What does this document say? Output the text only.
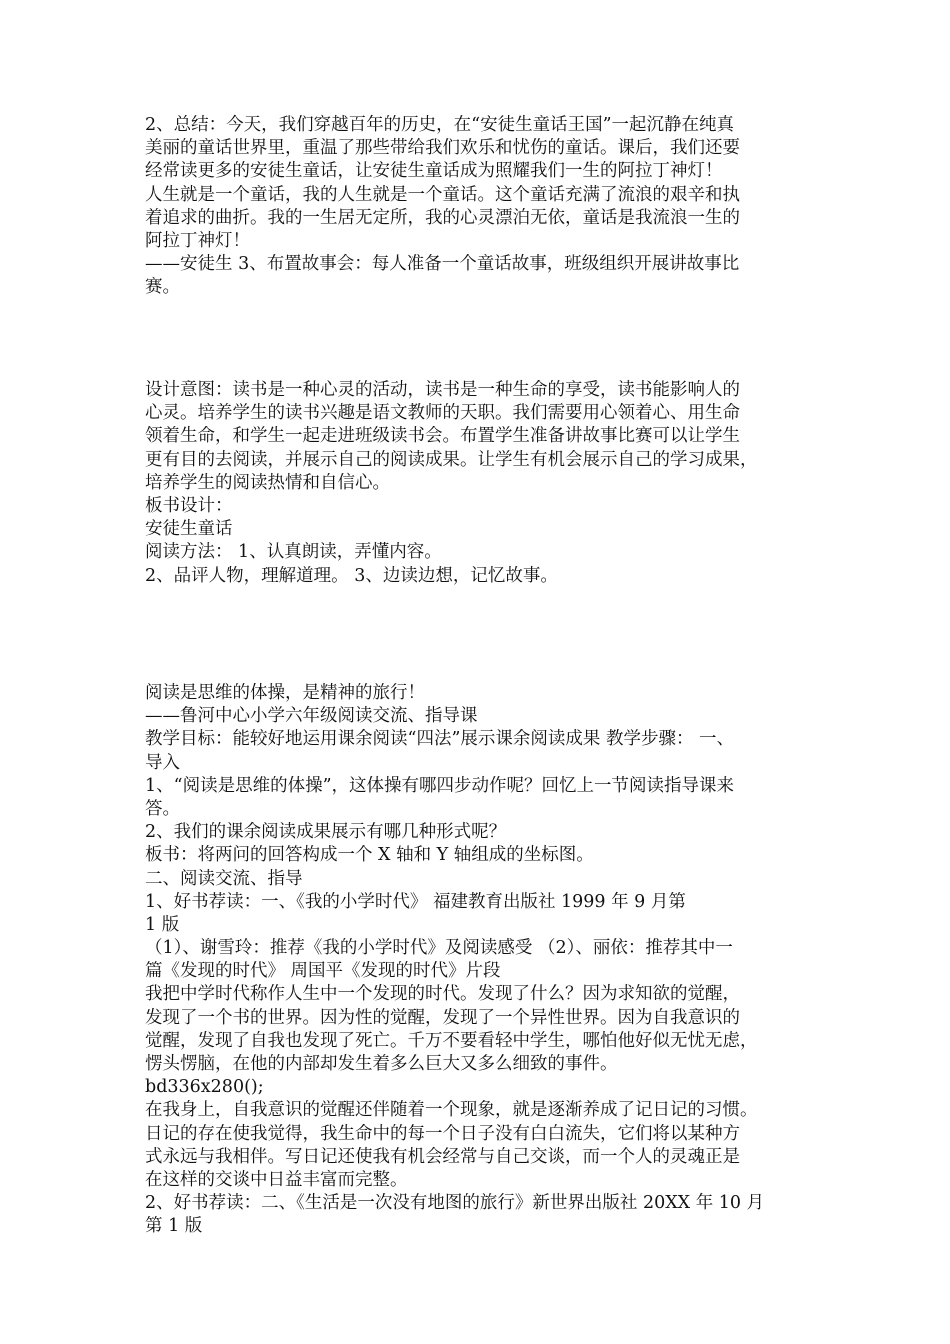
2、总结：今天，我们穿越百年的历史，在“安徒生童话王国”一起沉静在纯真
美丽的童话世界里，重温了那些带给我们欢乐和忧伤的童话。课后，我们还要
经常读更多的安徒生童话，让安徒生童话成为照耀我们一生的阿拉丁神灯！
人生就是一个童话，我的人生就是一个童话。这个童话充满了流浪的艰辛和执
着追求的曲折。我的一生居无定所，我的心灵漂泊无依，童话是我流浪一生的
阿拉丁神灯！
——安徒生 3、布置故事会：每人准备一个童话故事，班级组织开展讲故事比
赛。
设计意图：读书是一种心灵的活动，读书是一种生命的享受，读书能影响人的
心灵。培养学生的读书兴趣是语文教师的天职。我们需要用心领着心、用生命
领着生命，和学生一起走进班级读书会。布置学生准备讲故事比赛可以让学生
更有目的去阅读，并展示自己的阅读成果。让学生有机会展示自己的学习成果，
培养学生的阅读热情和自信心。
板书设计：
安徒生童话
阅读方法： 1、认真朗读，弄懂内容。
2、品评人物，理解道理。 3、边读边想，记忆故事。
阅读是思维的体操，是精神的旅行！
——鲁河中心小学六年级阅读交流、指导课
教学目标：能较好地运用课余阅读“四法”展示课余阅读成果 教学步骤： 一、
导入
1、“阅读是思维的体操”，这体操有哪四步动作呢？回忆上一节阅读指导课来
答。
2、我们的课余阅读成果展示有哪几种形式呢？
板书：将两问的回答构成一个 X 轴和 Y 轴组成的坐标图。
二、阅读交流、指导
1、好书荐读：一、《我的小学时代》 福建教育出版社 1999 年 9 月第
1 版
（1）、谢雪玲：推荐《我的小学时代》及阅读感受 （2）、丽依：推荐其中一
篇《发现的时代》 周国平《发现的时代》片段
我把中学时代称作人生中一个发现的时代。发现了什么？因为求知欲的觉醒，
发现了一个书的世界。因为性的觉醒，发现了一个异性世界。因为自我意识的
觉醒，发现了自我也发现了死亡。千万不要看轻中学生，哪怕他好似无忧无虑，
愣头愣脑，在他的内部却发生着多么巨大又多么细致的事件。
bd336x280();
在我身上，自我意识的觉醒还伴随着一个现象，就是逐渐养成了记日记的习惯。
日记的存在使我觉得，我生命中的每一个日子没有白白流失，它们将以某种方
式永远与我相伴。写日记还使我有机会经常与自己交谈，而一个人的灵魂正是
在这样的交谈中日益丰富而完整。
2、好书荐读：二、《生活是一次没有地图的旅行》新世界出版社 20XX 年 10 月
第 1 版
